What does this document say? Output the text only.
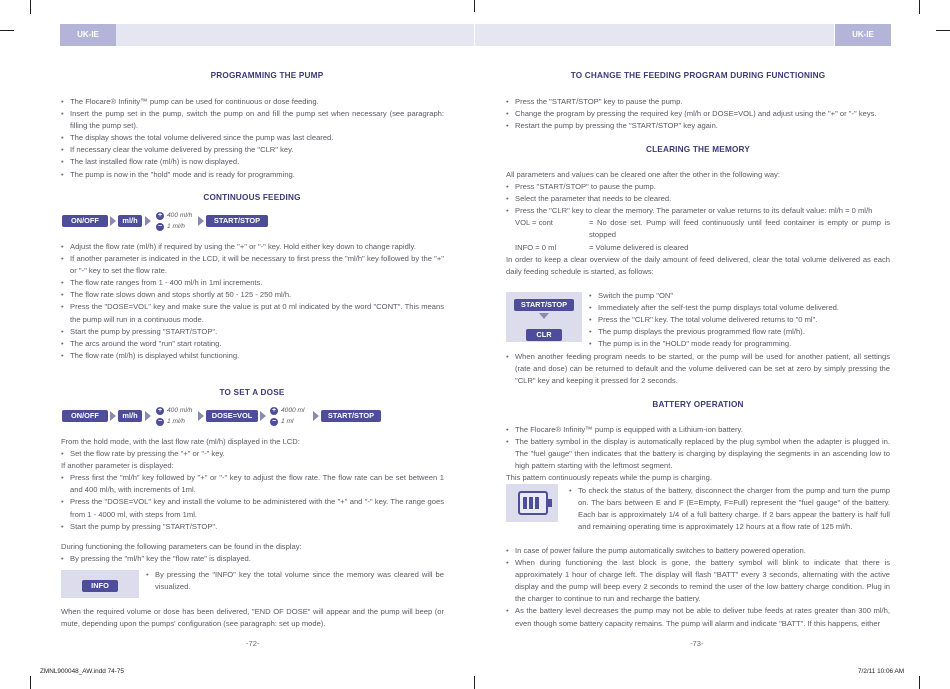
UK-IE	UK-IE
PROGRAMMING THE PUMP
• The Flocare® Infinity™ pump can be used for continuous or dose feeding.
• Insert the pump set in the pump, switch the pump on and fill the pump set when necessary (see paragraph: filling the pump set).
• The display shows the total volume delivered since the pump was last cleared.
• If necessary clear the volume delivered by pressing the "CLR" key.
• The last installed flow rate (ml/h) is now displayed.
• The pump is now in the "hold" mode and is ready for programming.
CONTINUOUS FEEDING
ON/OFF	ml/h
+
−
400 ml/h
1 ml/h
START/STOP
• Adjust the flow rate (ml/h) if required by using the "+" or "-" key. Hold either key down to change rapidly.
• If another parameter is indicated in the LCD, it will be necessary to first press the "ml/h" key followed by the "+" or "-" key to set the flow rate.
• The flow rate ranges from 1 - 400 ml/h in 1ml increments.
• The flow rate slows down and stops shortly at 50 - 125 - 250 ml/h.
• Press the "DOSE=VOL" key and make sure the value is put at 0 ml indicated by the word "CONT". This means the pump will run in a continuous mode.
• Start the pump by pressing "START/STOP".
• The arcs around the word "run" start rotating.
• The flow rate (ml/h) is displayed whilst functioning.
TO SET A DOSE
ON/OFF	ml/h
+
−
400 ml/h
1 ml/h
DOSE=VOL
+
−
4000 ml
1 ml
START/STOP

From the hold mode, with the last flow rate (ml/h) displayed in the LCD:

• Set the flow rate by pressing the "+" or "-" key.

If another parameter is displayed:

• Press first the "ml/h" key followed by "+" or "-" key to adjust the flow rate. The flow rate can be set between 1 and 400 ml/h, with increments of 1ml.
• Press the "DOSE=VOL" key and install the volume to be administered with the "+" and "-" key. The range goes from 1 - 4000 ml, with steps from 1ml.
• Start the pump by pressing "START/STOP".

During functioning the following parameters can be found in the display:

• By pressing the "ml/h" key the "flow rate" is displayed.
INFO
• By pressing the "INFO" key the total volume since the memory was cleared will be visualized.

When the required volume or dose has been delivered, "END OF DOSE" will appear and the pump will beep (or mute, depending upon the pumps' configuration (see paragraph: set up mode).

-72-
TO CHANGE THE FEEDING PROGRAM DURING FUNCTIONING
• Press the "START/STOP" key to pause the pump.
• Change the program by pressing the required key (ml/h or DOSE=VOL) and adjust using the "+" or "-" keys.
• Restart the pump by pressing the "START/STOP" key again.
CLEARING THE MEMORY

All parameters and values can be cleared one after the other in the following way:

• Press "START/STOP" to pause the pump.
• Select the parameter that needs to be cleared.
• Press the "CLR" key to clear the memory. The parameter or value returns to its default value: ml/h = 0 ml/h
VOL = cont	= No dose set. Pump will feed continuously until feed container is empty or pump is stopped
INFO = 0 ml	= Volume delivered is cleared

In order to keep a clear overview of the daily amount of feed delivered, clear the total volume delivered as each daily feeding schedule is started, as follows:

START/STOP
CLR
• Switch the pump "ON"
• Immediately after the self-test the pump displays total volume delivered.
• Press the "CLR" key. The total volume delivered returns to "0 ml".
• The pump displays the previous programmed flow rate (ml/h).
• The pump is in the "HOLD" mode ready for programming.
• When another feeding program needs to be started, or the pump will be used for another patient, all settings (rate and dose) can be returned to default and the volume delivered can be set at zero by simply pressing the "CLR" key and keeping it pressed for 2 seconds.
BATTERY OPERATION
• The Flocare® Infinity™ pump is equipped with a Lithium-ion battery.
• The battery symbol in the display is automatically replaced by the plug symbol when the adapter is plugged in. The "fuel gauge" then indicates that the battery is charging by displaying the segments in an ascending low to high pattern starting with the leftmost segment.

This pattern continuously repeats while the pump is charging.

• To check the status of the battery, disconnect the charger from the pump and turn the pump on. The bars between E and F (E=Empty, F=Full) represent the "fuel gauge" of the battery. Each bar is approximately 1/4 of a full battery charge. If 2 bars appear the battery is half full and remaining operating time is approximately 12 hours at a flow rate of 125 ml/h.
• In case of power failure the pump automatically switches to battery powered operation.
• When during functioning the last block is gone, the battery symbol will blink to indicate that there is approximately 1 hour of charge left. The display will flash "BATT" every 3 seconds, alternating with the active display and the pump will beep every 2 seconds to remind the user of the low battery charge condition. Plug in the charger to continue to run and recharge the battery.
• As the battery level decreases the pump may not be able to deliver tube feeds at rates greater than 300 ml/h, even though some battery capacity remains. The pump will alarm and indicate "BATT". If this happens, either
-73-
ZMNL900048_AW.indd 74-75	7/2/11 10:06 AM
